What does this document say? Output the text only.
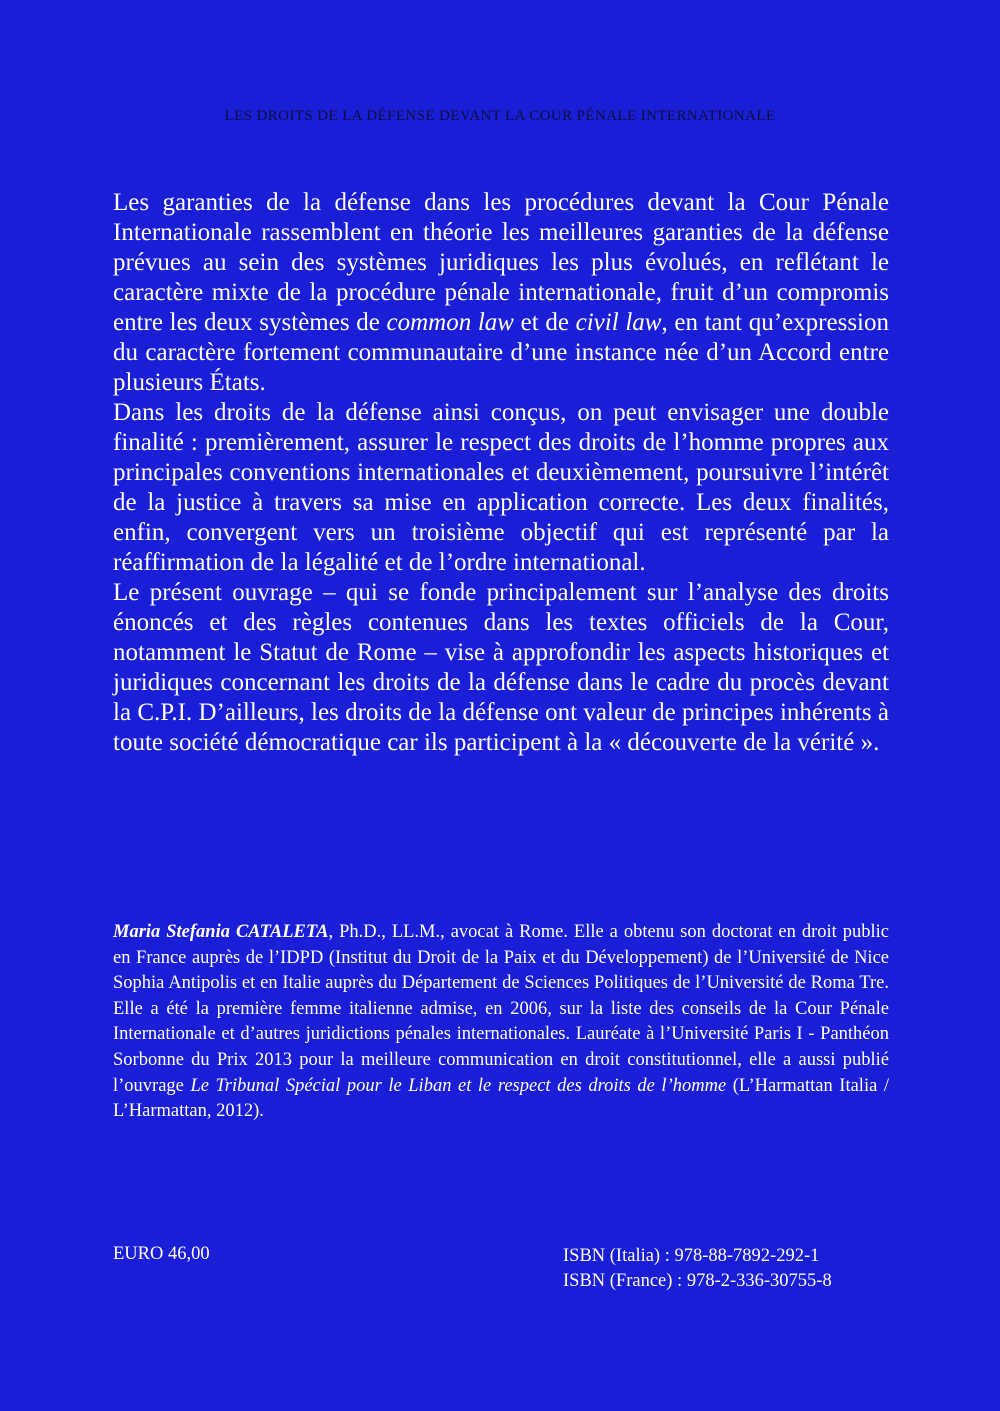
LES DROITS DE LA DÉFENSE DEVANT LA COUR PÉNALE INTERNATIONALE

Les garanties de la défense dans les procédures devant la Cour Pénale Internationale rassemblent en théorie les meilleures garanties de la défense prévues au sein des systèmes juridiques les plus évolués, en reflétant le caractère mixte de la procédure pénale internationale, fruit d’un compromis entre les deux systèmes de common law et de civil law, en tant qu’expression du caractère fortement communautaire d’une instance née d’un Accord entre plusieurs États.

Dans les droits de la défense ainsi conçus, on peut envisager une double finalité : premièrement, assurer le respect des droits de l’homme propres aux principales conventions internationales et deuxièmement, poursuivre l’intérêt de la justice à travers sa mise en application correcte. Les deux finalités, enfin, convergent vers un troisième objectif qui est représenté par la réaffirmation de la légalité et de l’ordre international.

Le présent ouvrage – qui se fonde principalement sur l’analyse des droits énoncés et des règles contenues dans les textes officiels de la Cour, notamment le Statut de Rome – vise à approfondir les aspects historiques et juridiques concernant les droits de la défense dans le cadre du procès devant la C.P.I. D’ailleurs, les droits de la défense ont valeur de principes inhérents à toute société démocratique car ils participent à la « découverte de la vérité ».

Maria Stefania CATALETA, Ph.D., LL.M., avocat à Rome. Elle a obtenu son doctorat en droit public en France auprès de l’IDPD (Institut du Droit de la Paix et du Développement) de l’Université de Nice Sophia Antipolis et en Italie auprès du Département de Sciences Politiques de l’Université de Roma Tre. Elle a été la première femme italienne admise, en 2006, sur la liste des conseils de la Cour Pénale Internationale et d’autres juridictions pénales internationales. Lauréate à l’Université Paris I - Panthéon Sorbonne du Prix 2013 pour la meilleure communication en droit constitutionnel, elle a aussi publié l’ouvrage Le Tribunal Spécial pour le Liban et le respect des droits de l’homme (L’Harmattan Italia / L’Harmattan, 2012).

EURO 46,00	ISBN (Italia) : 978-88-7892-292-1
ISBN (France) : 978-2-336-30755-8
